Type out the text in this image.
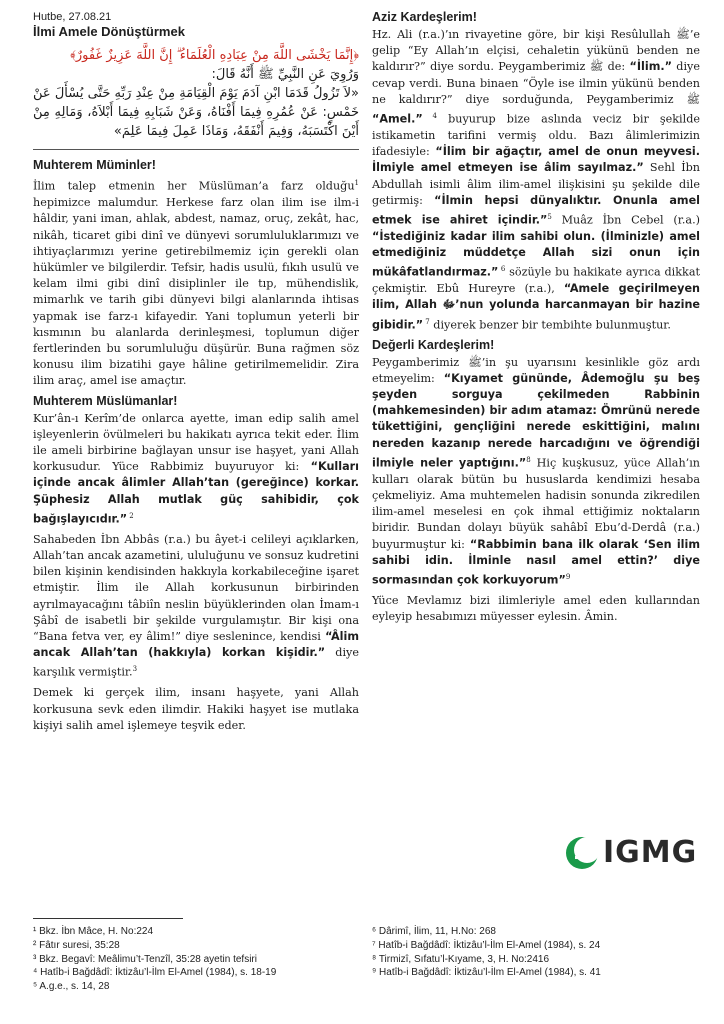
Hutbe, 27.08.21

İlmi Amele Dönüştürmek

﴿إِنَّمَا يَخْشَى اللَّهَ مِنْ عِبَادِهِ الْعُلَمَاءُ ۗ إِنَّ اللَّهَ عَزِيزٌ غَفُورٌ﴾

وَرُوِيَ عَنِ النَّبِيِّ ﷺ أَنَّهُ قَالَ:

«لاَ تَزُولُ قَدَمَا ابْنِ آدَمَ يَوْمَ الْقِيَامَةِ مِنْ عِنْدِ رَبِّهِ حَتَّى يُسْأَلَ عَنْ خَمْسٍ: عَنْ عُمُرِهِ فِيمَا أَفْنَاهُ، وَعَنْ شَبَابِهِ فِيمَا أَبْلاَهُ، وَمَالِهِ مِنْ أَيْنَ اكْتَسَبَهُ، وَفِيمَ أَنْفَقَهُ، وَمَاذَا عَمِلَ فِيمَا عَلِمَ»

Muhterem Müminler!

İlim talep etmenin her Müslüman’a farz olduğu$^1$ hepimizce malumdur. Herkese farz olan ilim ise ilm-i hâldir, yani iman, ahlak, abdest, namaz, oruç, zekât, hac, nikâh, ticaret gibi dinî ve dünyevi sorumluluklarımızı ve ihtiyaçlarımızı yerine getirebilmemiz için gerekli olan hükümler ve bilgilerdir. Tefsir, hadis usulü, fıkıh usulü ve kelam ilmi gibi dinî disiplinler ile tıp, mühendislik, mimarlık ve tarih gibi dünyevi bilgi alanlarında ihtisas yapmak ise farz-ı kifayedir. Yani toplumun yeterli bir kısmının bu alanlarda derinleşmesi, toplumun diğer fertlerinden bu sorumluluğu düşürür. Buna rağmen söz konusu ilim bizatihi gaye hâline getirilmemelidir. Zira ilim araç, amel ise amaçtır.

Muhterem Müslümanlar!

Kur’ân-ı Kerîm’de onlarca ayette, iman edip salih amel işleyenlerin övülmeleri bu hakikatı ayrıca tekit eder. İlim ile ameli birbirine bağlayan unsur ise haşyet, yani Allah korkusudur. Yüce Rabbimiz buyuruyor ki: “Kulları içinde ancak âlimler Allah’tan (gereğince) korkar. Şüphesiz Allah mutlak güç sahibidir, çok bağışlayıcıdır.” $^2$

Sahabeden İbn Abbâs (r.a.) bu âyet-i celileyi açıklarken, Allah’tan ancak azametini, ululuğunu ve sonsuz kudretini bilen kişinin kendisinden hakkıyla korkabileceğine işaret etmiştir. İlim ile Allah korkusunun birbirinden ayrılmayacağını tâbiîn neslin büyüklerinden olan İmam-ı Şâbî de isabetli bir şekilde vurgulamıştır. Bir kişi ona “Bana fetva ver, ey âlim!” diye seslenince, kendisi “Âlim ancak Allah’tan (hakkıyla) korkan kişidir.” diye karşılık vermiştir.$^3$

Demek ki gerçek ilim, insanı haşyete, yani Allah korkusuna sevk eden ilimdir. Hakiki haşyet ise mutlaka kişiyi salih amel işlemeye teşvik eder.

Aziz Kardeşlerim!

Hz. Ali (r.a.)’ın rivayetine göre, bir kişi Resûlullah ﷺ’e gelip “Ey Allah’ın elçisi, cehaletin yükünü benden ne kaldırır?” diye sordu. Peygamberimiz ﷺ de: “İlim.” diye cevap verdi. Buna binaen “Öyle ise ilmin yükünü benden ne kaldırır?” diye sorduğunda, Peygamberimiz ﷺ “Amel.” $^4$ buyurup bize aslında veciz bir şekilde istikametin tarifini vermiş oldu. Bazı âlimlerimizin ifadesiyle: “İlim bir ağaçtır, amel de onun meyvesi. İlmiyle amel etmeyen ise âlim sayılmaz.” Sehl İbn Abdullah isimli âlim ilim-amel ilişkisini şu şekilde dile getirmiş: “İlmin hepsi dünyalıktır. Onunla amel etmek ise ahiret içindir.”$^5$ Muâz İbn Cebel (r.a.) “İstediğiniz kadar ilim sahibi olun. (İlminizle) amel etmediğiniz müddetçe Allah sizi onun için mükâfatlandırmaz.” $^6$ sözüyle bu hakikate ayrıca dikkat çekmiştir. Ebû Hureyre (r.a.), “Amele geçirilmeyen ilim, Allah ﷻ’nun yolunda harcanmayan bir hazine gibidir.” $^7$ diyerek benzer bir tembihte bulunmuştur.

Değerli Kardeşlerim!

Peygamberimiz ﷺ’in şu uyarısını kesinlikle göz ardı etmeyelim: “Kıyamet gününde, Âdemoğlu şu beş şeyden sorguya çekilmeden Rabbinin (mahkemesinden) bir adım atamaz: Ömrünü nerede tükettiğini, gençliğini nerede eskittiğini, malını nereden kazanıp nerede harcadığını ve öğrendiği ilmiyle neler yaptığını.”$^8$ Hiç kuşkusuz, yüce Allah’ın kulları olarak bütün bu hususlarda kendimizi hesaba çekmeliyiz. Ama muhtemelen hadisin sonunda zikredilen ilim-amel meselesi en çok ihmal ettiğimiz noktaların biridir. Bundan dolayı büyük sahâbî Ebu’d-Derdâ (r.a.) buyurmuştur ki: “Rabbimin bana ilk olarak ‘Sen ilim sahibi idin. İlminle nasıl amel ettin?’ diye sormasından çok korkuyorum”$^9$

Yüce Mevlamız bizi ilimleriyle amel eden kullarından eyleyip hesabımızı müyesser eylesin. Âmin.

IGMG
¹ Bkz. İbn Mâce, H. No:224
² Fâtır suresi, 35:28
³ Bkz. Begavî: Meâlimu’t-Tenzîl, 35:28 ayetin tefsiri
⁴ Hatîb-i Bağdâdî: İktizâu’l-İlm El-Amel (1984), s. 18-19
⁵ A.g.e., s. 14, 28
⁶ Dârimî, İlim, 11, H.No: 268
⁷ Hatîb-i Bağdâdî: İktizâu’l-İlm El-Amel (1984), s. 24
⁸ Tirmizî, Sıfatu’l-Kıyame, 3, H. No:2416
⁹ Hatîb-i Bağdâdî: İktizâu’l-İlm El-Amel (1984), s. 41
